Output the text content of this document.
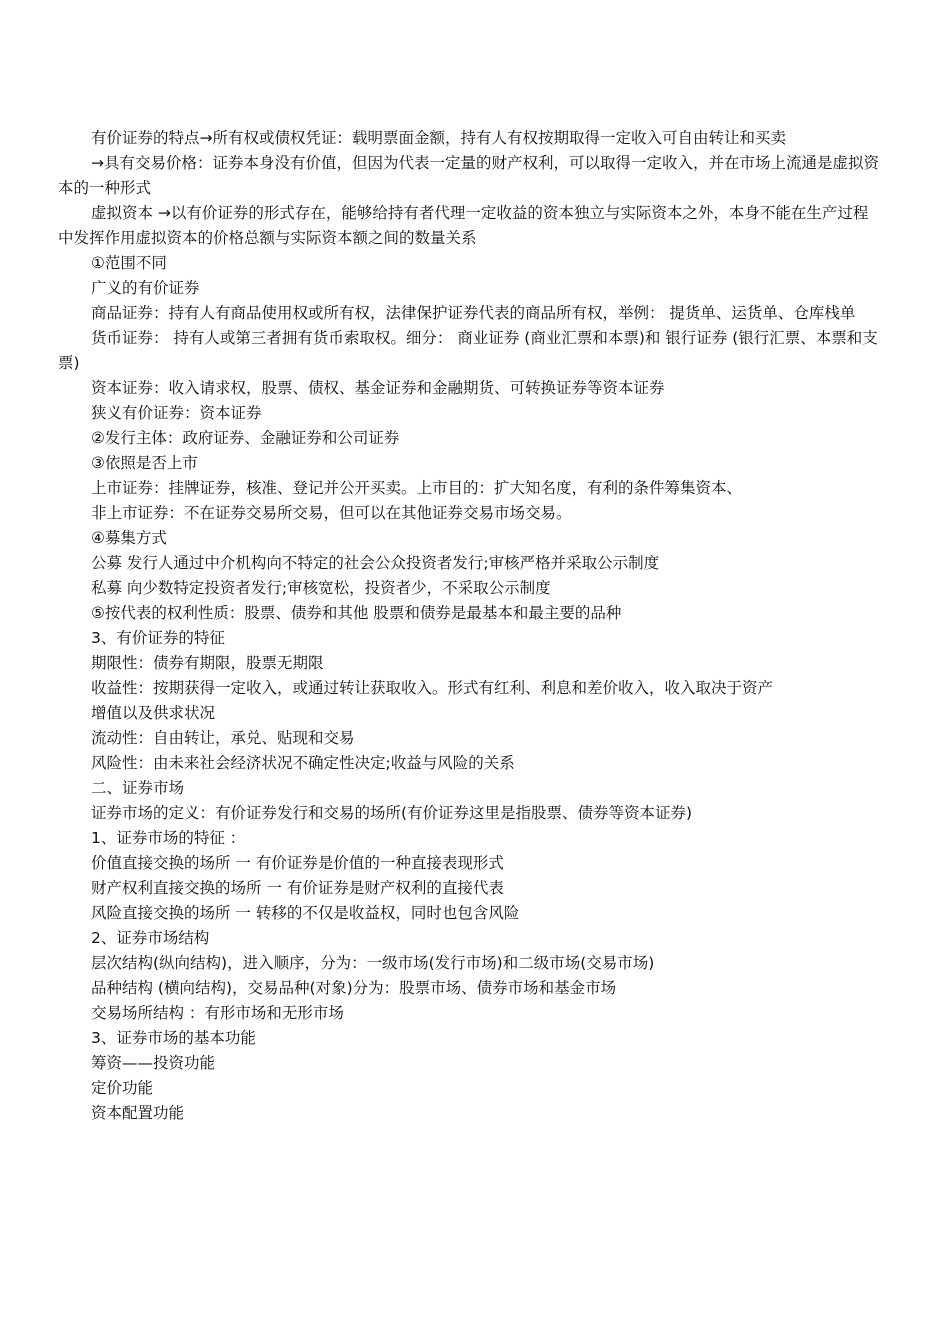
有价证券的特点→所有权或债权凭证：载明票面金额，持有人有权按期取得一定收入可自由转让和买卖

→具有交易价格：证券本身没有价值，但因为代表一定量的财产权利，可以取得一定收入，并在市场上流通是虚拟资本的一种形式

虚拟资本 →以有价证券的形式存在，能够给持有者代理一定收益的资本独立与实际资本之外，本身不能在生产过程中发挥作用虚拟资本的价格总额与实际资本额之间的数量关系

①范围不同

广义的有价证券

商品证券：持有人有商品使用权或所有权，法律保护证券代表的商品所有权，举例： 提货单、运货单、仓库栈单

货币证券： 持有人或第三者拥有货币索取权。细分： 商业证券 (商业汇票和本票)和 银行证券 (银行汇票、本票和支票)

资本证券：收入请求权，股票、债权、基金证券和金融期货、可转换证券等资本证券

狭义有价证券：资本证券

②发行主体：政府证券、金融证券和公司证券

③依照是否上市

上市证券：挂牌证券，核准、登记并公开买卖。上市目的：扩大知名度，有利的条件筹集资本、

非上市证券：不在证券交易所交易，但可以在其他证券交易市场交易。

④募集方式

公募 发行人通过中介机构向不特定的社会公众投资者发行;审核严格并采取公示制度

私募 向少数特定投资者发行;审核宽松，投资者少，不采取公示制度

⑤按代表的权利性质：股票、债券和其他 股票和债券是最基本和最主要的品种

3、有价证券的特征

期限性：债券有期限，股票无期限

收益性：按期获得一定收入，或通过转让获取收入。形式有红利、利息和差价收入，收入取决于资产

增值以及供求状况

流动性：自由转让，承兑、贴现和交易

风险性：由未来社会经济状况不确定性决定;收益与风险的关系

二、证券市场

证券市场的定义：有价证券发行和交易的场所(有价证券这里是指股票、债券等资本证券)

1、证券市场的特征 ：

价值直接交换的场所 一 有价证券是价值的一种直接表现形式

财产权利直接交换的场所 一 有价证券是财产权利的直接代表

风险直接交换的场所 一 转移的不仅是收益权，同时也包含风险

2、证券市场结构

层次结构(纵向结构)，进入顺序，分为：一级市场(发行市场)和二级市场(交易市场)

品种结构 (横向结构)，交易品种(对象)分为：股票市场、债券市场和基金市场

交易场所结构 ：有形市场和无形市场

3、证券市场的基本功能

筹资——投资功能

定价功能

资本配置功能
